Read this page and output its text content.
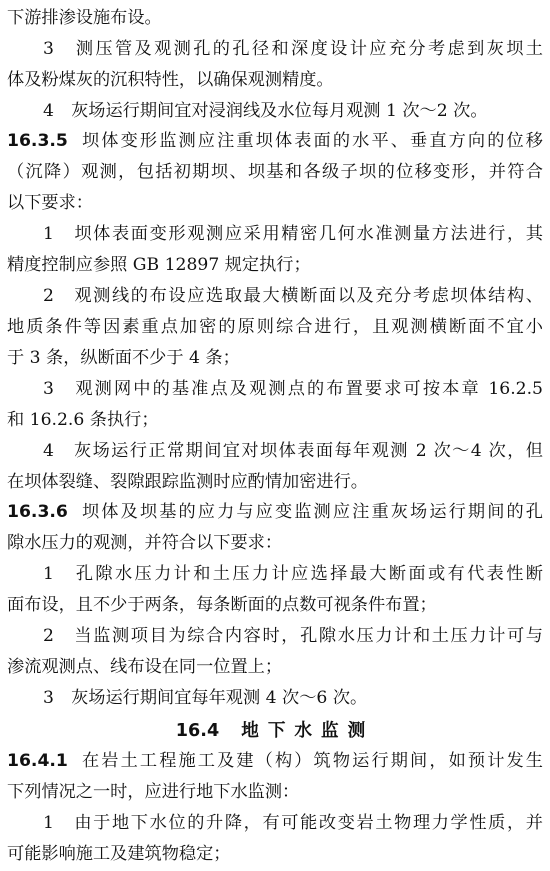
下游排渗设施布设。
3　测压管及观测孔的孔径和深度设计应充分考虑到灰坝土
体及粉煤灰的沉积特性，以确保观测精度。
4　灰场运行期间宜对浸润线及水位每月观测 1 次～2 次。
16.3.5 坝体变形监测应注重坝体表面的水平、垂直方向的位移
（沉降）观测，包括初期坝、坝基和各级子坝的位移变形，并符合
以下要求：
1　坝体表面变形观测应采用精密几何水准测量方法进行，其
精度控制应参照 GB 12897 规定执行；
2　观测线的布设应选取最大横断面以及充分考虑坝体结构、
地质条件等因素重点加密的原则综合进行，且观测横断面不宜小
于 3 条，纵断面不少于 4 条；
3　观测网中的基准点及观测点的布置要求可按本章 16.2.5
和 16.2.6 条执行；
4　灰场运行正常期间宜对坝体表面每年观测 2 次～4 次，但
在坝体裂缝、裂隙跟踪监测时应酌情加密进行。
16.3.6 坝体及坝基的应力与应变监测应注重灰场运行期间的孔
隙水压力的观测，并符合以下要求：
1　孔隙水压力计和土压力计应选择最大断面或有代表性断
面布设，且不少于两条，每条断面的点数可视条件布置；
2　当监测项目为综合内容时，孔隙水压力计和土压力计可与
渗流观测点、线布设在同一位置上；
3　灰场运行期间宜每年观测 4 次～6 次。
16.4 地下水监测
16.4.1 在岩土工程施工及建（构）筑物运行期间，如预计发生
下列情况之一时，应进行地下水监测：
1　由于地下水位的升降，有可能改变岩土物理力学性质，并
可能影响施工及建筑物稳定；
